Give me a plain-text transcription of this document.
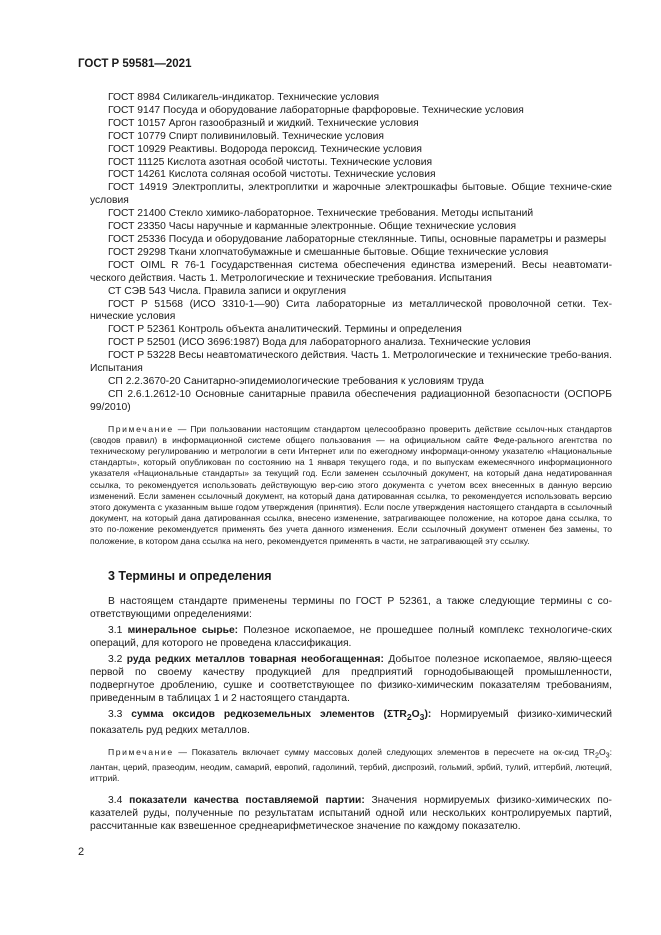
ГОСТ Р 59581—2021

ГОСТ 8984 Силикагель-индикатор. Технические условия

ГОСТ 9147 Посуда и оборудование лабораторные фарфоровые. Технические условия

ГОСТ 10157 Аргон газообразный и жидкий. Технические условия

ГОСТ 10779 Спирт поливиниловый. Технические условия

ГОСТ 10929 Реактивы. Водорода пероксид. Технические условия

ГОСТ 11125 Кислота азотная особой чистоты. Технические условия

ГОСТ 14261 Кислота соляная особой чистоты. Технические условия

ГОСТ 14919 Электроплиты, электроплитки и жарочные электрошкафы бытовые. Общие техниче-ские условия

ГОСТ 21400 Стекло химико-лабораторное. Технические требования. Методы испытаний

ГОСТ 23350 Часы наручные и карманные электронные. Общие технические условия

ГОСТ 25336 Посуда и оборудование лабораторные стеклянные. Типы, основные параметры и размеры

ГОСТ 29298 Ткани хлопчатобумажные и смешанные бытовые. Общие технические условия

ГОСТ OIML R 76-1 Государственная система обеспечения единства измерений. Весы неавтомати-ческого действия. Часть 1. Метрологические и технические требования. Испытания

СТ СЭВ 543 Числа. Правила записи и округления

ГОСТ Р 51568 (ИСО 3310-1—90) Сита лабораторные из металлической проволочной сетки. Тех-нические условия

ГОСТ Р 52361 Контроль объекта аналитический. Термины и определения

ГОСТ Р 52501 (ИСО 3696:1987) Вода для лабораторного анализа. Технические условия

ГОСТ Р 53228 Весы неавтоматического действия. Часть 1. Метрологические и технические требо-вания. Испытания

СП 2.2.3670-20 Санитарно-эпидемиологические требования к условиям труда

СП 2.6.1.2612-10 Основные санитарные правила обеспечения радиационной безопасности (ОСПОРБ 99/2010)

Примечание — При пользовании настоящим стандартом целесообразно проверить действие ссылоч-ных стандартов (сводов правил) в информационной системе общего пользования — на официальном сайте Феде-рального агентства по техническому регулированию и метрологии в сети Интернет или по ежегодному информаци-онному указателю «Национальные стандарты», который опубликован по состоянию на 1 января текущего года, и по выпускам ежемесячного информационного указателя «Национальные стандарты» за текущий год. Если заменен ссылочный документ, на который дана недатированная ссылка, то рекомендуется использовать действующую вер-сию этого документа с учетом всех внесенных в данную версию изменений. Если заменен ссылочный документ, на который дана датированная ссылка, то рекомендуется использовать версию этого документа с указанным выше годом утверждения (принятия). Если после утверждения настоящего стандарта в ссылочный документ, на который дана датированная ссылка, внесено изменение, затрагивающее положение, на которое дана ссылка, то это по-ложение рекомендуется применять без учета данного изменения. Если ссылочный документ отменен без замены, то положение, в котором дана ссылка на него, рекомендуется применять в части, не затрагивающей эту ссылку.

3 Термины и определения

В настоящем стандарте применены термины по ГОСТ Р 52361, а также следующие термины с со-ответствующими определениями:

3.1 минеральное сырье: Полезное ископаемое, не прошедшее полный комплекс технологиче-ских операций, для которого не проведена классификация.

3.2 руда редких металлов товарная необогащенная: Добытое полезное ископаемое, являю-щееся первой по своему качеству продукцией для предприятий горнодобывающей промышленности, подвергнутое дроблению, сушке и соответствующее по физико-химическим показателям требованиям, приведенным в таблицах 1 и 2 настоящего стандарта.

3.3 сумма оксидов редкоземельных элементов $(\Sigma TR_2O_3)$: Нормируемый физико-химический показатель руд редких металлов.

Примечание — Показатель включает сумму массовых долей следующих элементов в пересчете на ок-сид $TR_2O_3$: лантан, церий, празеодим, неодим, самарий, европий, гадолиний, тербий, диспрозий, гольмий, эрбий, тулий, иттербий, лютеций, иттрий.

3.4 показатели качества поставляемой партии: Значения нормируемых физико-химических по-казателей руды, полученные по результатам испытаний одной или нескольких контролируемых партий, рассчитанные как взвешенное среднеарифметическое значение по каждому показателю.

2
